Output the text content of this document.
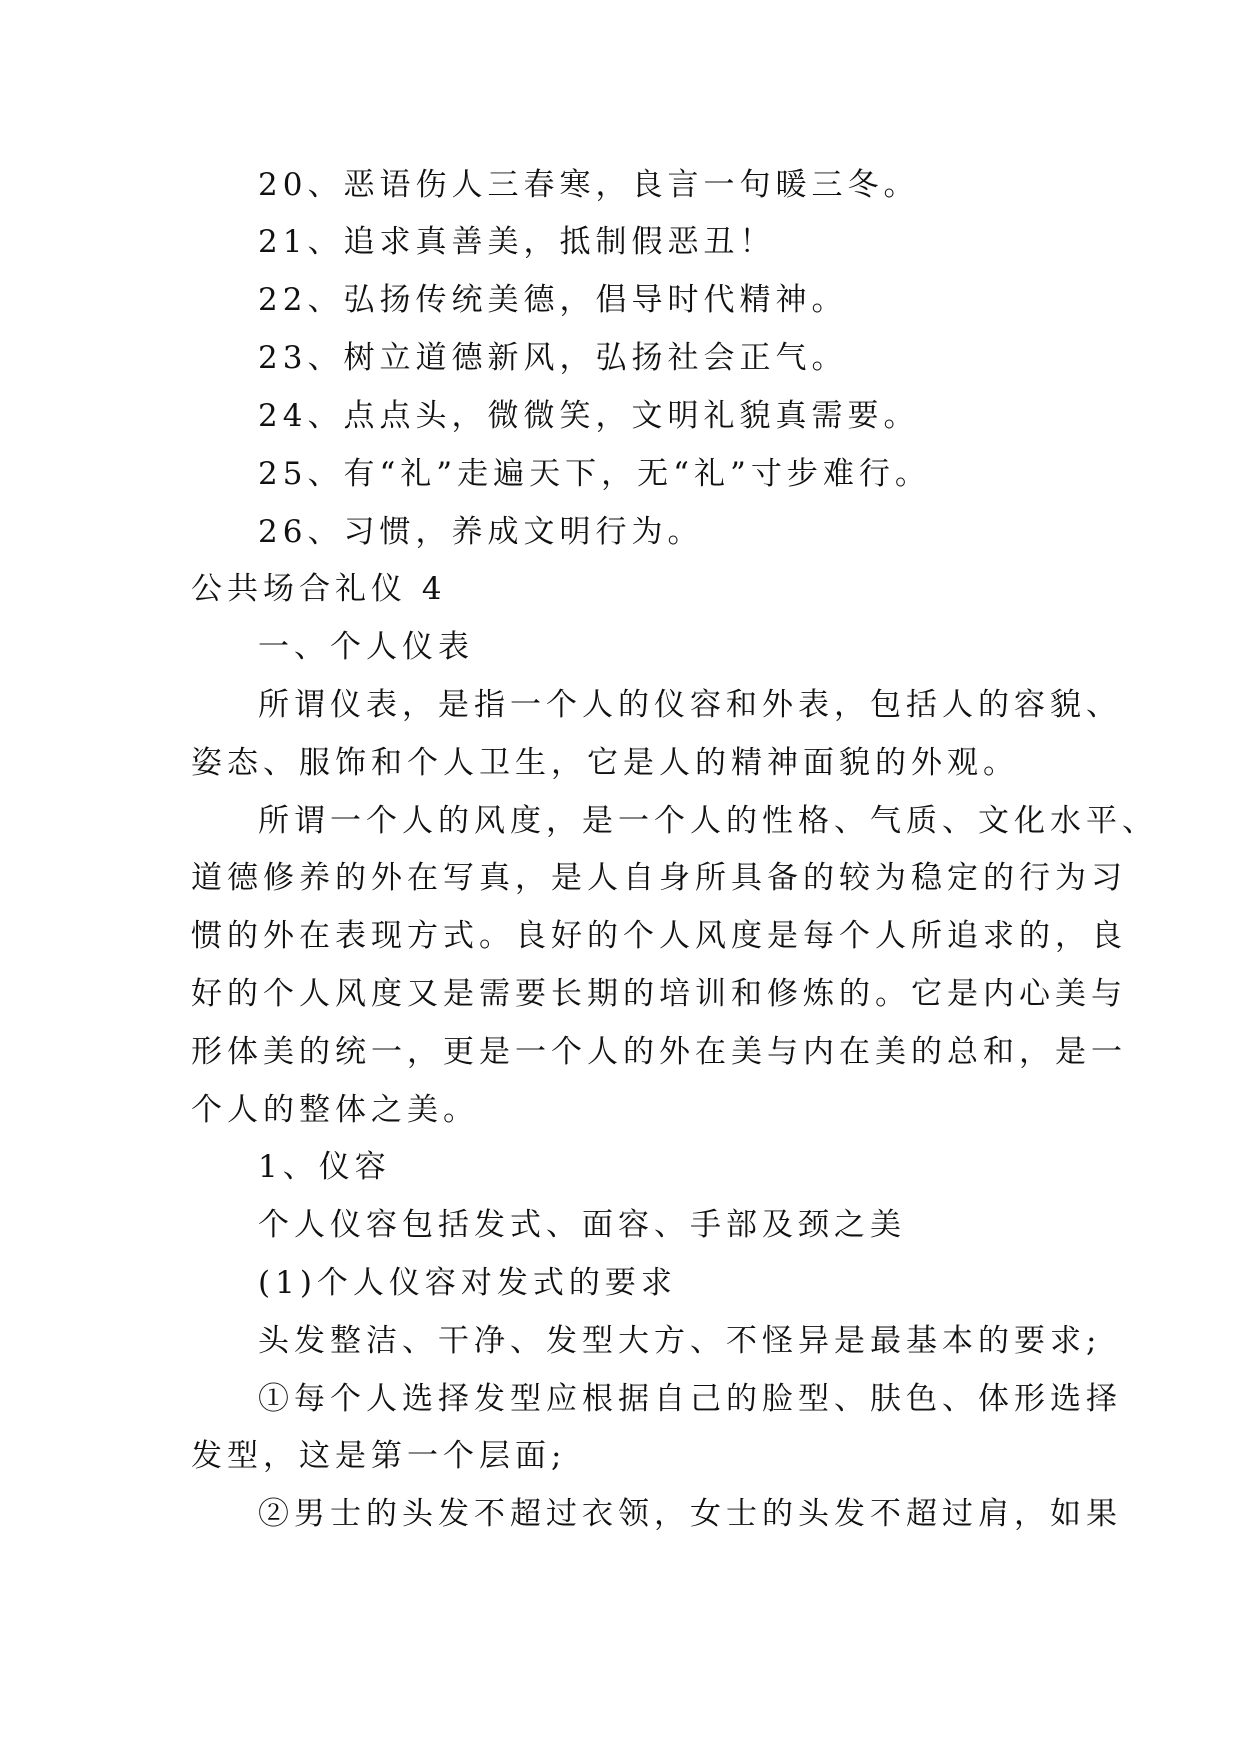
20、恶语伤人三春寒，良言一句暖三冬。
21、追求真善美，抵制假恶丑！
22、弘扬传统美德，倡导时代精神。
23、树立道德新风，弘扬社会正气。
24、点点头，微微笑，文明礼貌真需要。
25、有“礼”走遍天下，无“礼”寸步难行。
26、习惯，养成文明行为。
公共场合礼仪 4
一、个人仪表
所谓仪表，是指一个人的仪容和外表，包括人的容貌、
姿态、服饰和个人卫生，它是人的精神面貌的外观。
所谓一个人的风度，是一个人的性格、气质、文化水平、
道德修养的外在写真，是人自身所具备的较为稳定的行为习
惯的外在表现方式。良好的个人风度是每个人所追求的，良
好的个人风度又是需要长期的培训和修炼的。它是内心美与
形体美的统一，更是一个人的外在美与内在美的总和，是一
个人的整体之美。
1、仪容
个人仪容包括发式、面容、手部及颈之美
(1)个人仪容对发式的要求
头发整洁、干净、发型大方、不怪异是最基本的要求;
①每个人选择发型应根据自己的脸型、肤色、体形选择
发型，这是第一个层面;
②男士的头发不超过衣领，女士的头发不超过肩，如果
